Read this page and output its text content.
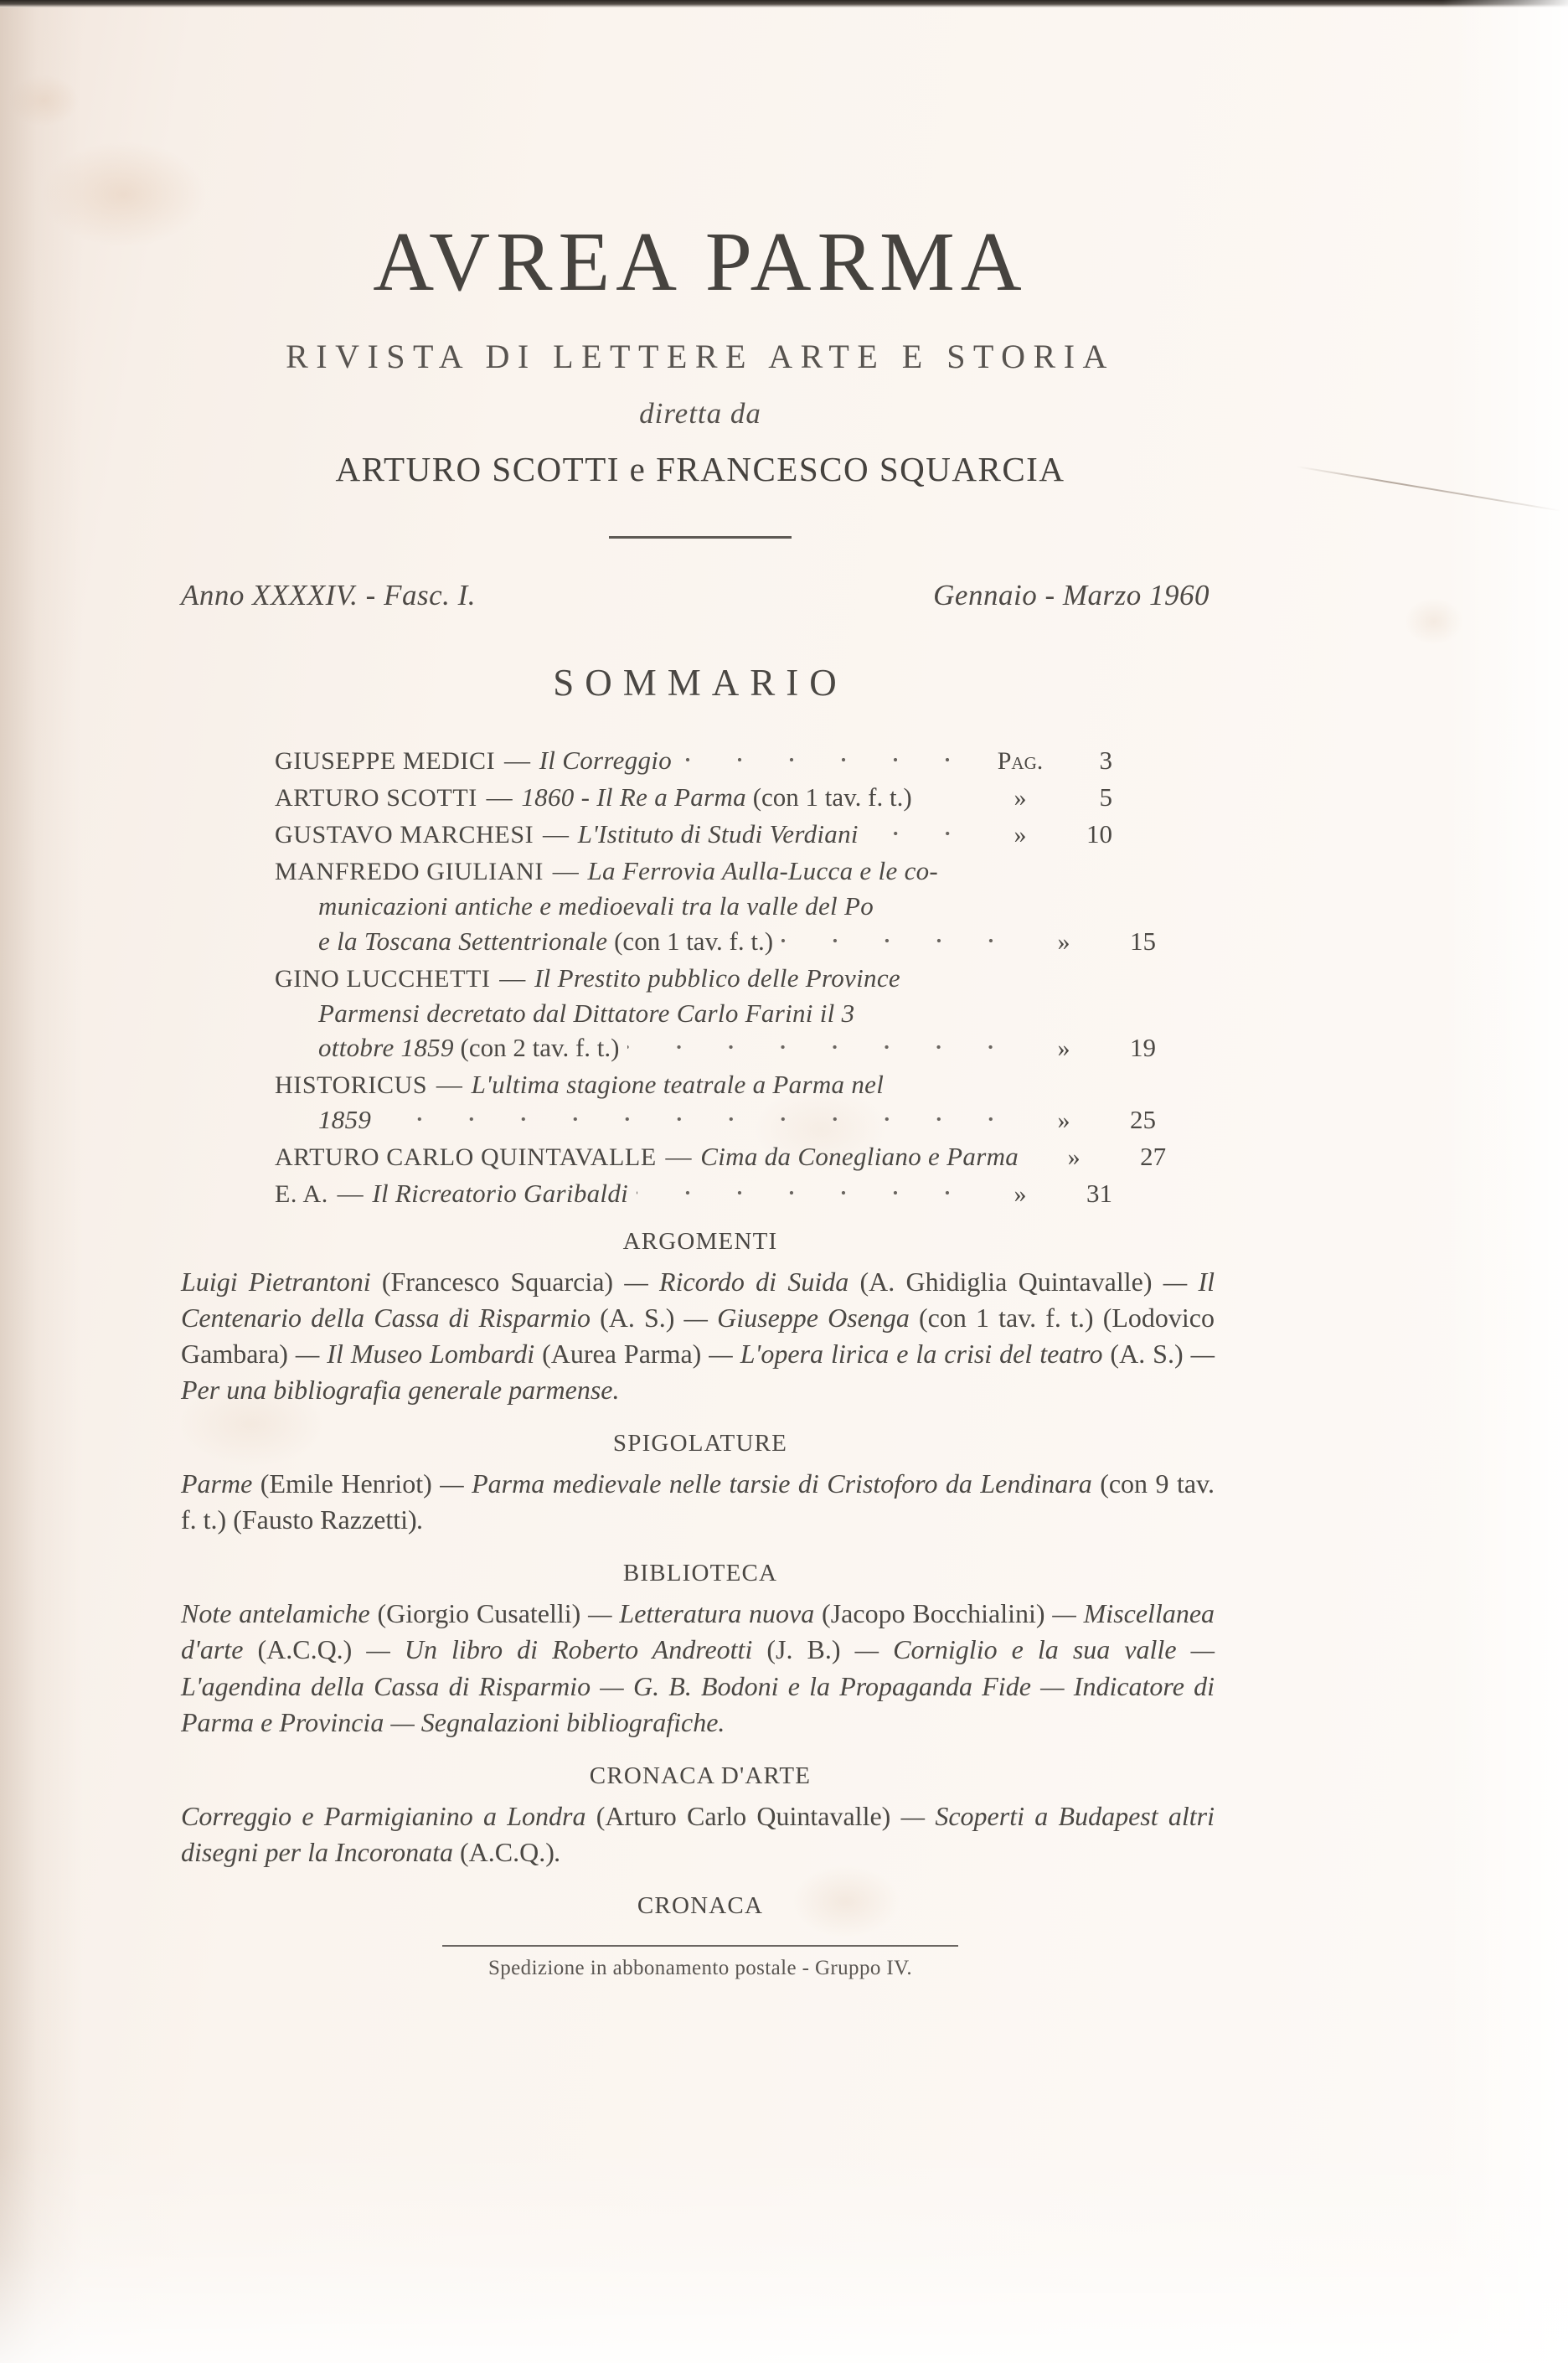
AVREA PARMA
RIVISTA DI LETTERE ARTE E STORIA
diretta da
ARTURO SCOTTI e FRANCESCO SQUARCIA
Anno XXXXIV. - Fasc. I.	Gennaio - Marzo 1960
SOMMARIO
GIUSEPPE MEDICI — Il Correggio	Pag.	3
ARTURO SCOTTI — 1860 - Il Re a Parma (con 1 tav. f. t.)	»	5
GUSTAVO MARCHESI — L'Istituto di Studi Verdiani	»	10
MANFREDO GIULIANI — La Ferrovia Aulla-Lucca e le co-
municazioni antiche e medioevali tra la valle del Po
e la Toscana Settentrionale (con 1 tav. f. t.)	»	15
GINO LUCCHETTI — Il Prestito pubblico delle Province
Parmensi decretato dal Dittatore Carlo Farini il 3
ottobre 1859 (con 2 tav. f. t.)	»	19
HISTORICUS — L'ultima stagione teatrale a Parma nel
1859	»	25
ARTURO CARLO QUINTAVALLE — Cima da Conegliano e Parma	»	27
E. A. — Il Ricreatorio Garibaldi	»	31
ARGOMENTI
Luigi Pietrantoni (Francesco Squarcia) — Ricordo di Suida (A. Ghidiglia Quintavalle) — Il Centenario della Cassa di Risparmio (A. S.) — Giuseppe Osenga (con 1 tav. f. t.) (Lodovico Gambara) — Il Museo Lombardi (Aurea Parma) — L'opera lirica e la crisi del teatro (A. S.) — Per una bibliografia generale parmense.
SPIGOLATURE
Parme (Emile Henriot) — Parma medievale nelle tarsie di Cristoforo da Lendinara (con 9 tav. f. t.) (Fausto Razzetti).
BIBLIOTECA
Note antelamiche (Giorgio Cusatelli) — Letteratura nuova (Jacopo Bocchialini) — Miscellanea d'arte (A.C.Q.) — Un libro di Roberto Andreotti (J. B.) — Corniglio e la sua valle — L'agendina della Cassa di Risparmio — G. B. Bodoni e la Propaganda Fide — Indicatore di Parma e Provincia — Segnalazioni bibliografiche.
CRONACA D'ARTE
Correggio e Parmigianino a Londra (Arturo Carlo Quintavalle) — Scoperti a Budapest altri disegni per la Incoronata (A.C.Q.).
CRONACA
Spedizione in abbonamento postale - Gruppo IV.
